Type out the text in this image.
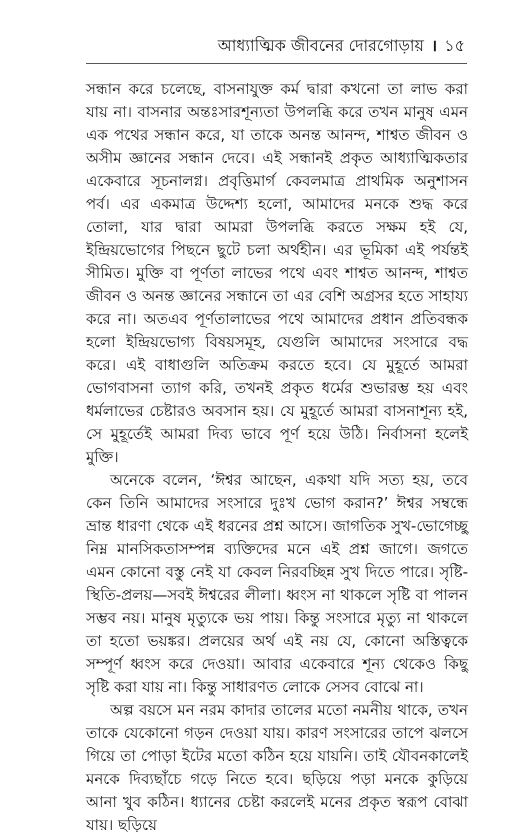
আধ্যাত্মিক জীবনের দোরগোড়ায় । ১৫

সন্ধান করে চলেছে, বাসনাযুক্ত কর্ম দ্বারা কখনো তা লাভ করা যায় না। বাসনার অন্তঃসারশূন্যতা উপলব্ধি করে তখন মানুষ এমন এক পথের সন্ধান করে, যা তাকে অনন্ত আনন্দ, শাশ্বত জীবন ও অসীম জ্ঞানের সন্ধান দেবে। এই সন্ধানই প্রকৃত আধ্যাত্মিকতার একেবারে সূচনালগ্ন। প্রবৃত্তিমার্গ কেবলমাত্র প্রাথমিক অনুশাসন পর্ব। এর একমাত্র উদ্দেশ্য হলো, আমাদের মনকে শুদ্ধ করে তোলা, যার দ্বারা আমরা উপলব্ধি করতে সক্ষম হই যে, ইন্দ্রিয়ভোগের পিছনে ছুটে চলা অর্থহীন। এর ভূমিকা এই পর্যন্তই সীমিত। মুক্তি বা পূর্ণতা লাভের পথে এবং শাশ্বত আনন্দ, শাশ্বত জীবন ও অনন্ত জ্ঞানের সন্ধানে তা এর বেশি অগ্রসর হতে সাহায্য করে না। অতএব পূর্ণতালাভের পথে আমাদের প্রধান প্রতিবন্ধক হলো ইন্দ্রিয়ভোগ্য বিষয়সমূহ, যেগুলি আমাদের সংসারে বদ্ধ করে। এই বাধাগুলি অতিক্রম করতে হবে। যে মুহূর্তে আমরা ভোগবাসনা ত্যাগ করি, তখনই প্রকৃত ধর্মের শুভারম্ভ হয় এবং ধর্মলাভের চেষ্টারও অবসান হয়। যে মুহূর্তে আমরা বাসনাশূন্য হই, সে মুহূর্তেই আমরা দিব্য ভাবে পূর্ণ হয়ে উঠি। নির্বাসনা হলেই মুক্তি।

অনেকে বলেন, ‘ঈশ্বর আছেন, একথা যদি সত্য হয়, তবে কেন তিনি আমাদের সংসারে দুঃখ ভোগ করান?’ ঈশ্বর সম্বন্ধে ভ্রান্ত ধারণা থেকে এই ধরনের প্রশ্ন আসে। জাগতিক সুখ-ভোগেচ্ছু নিম্ন মানসিকতাসম্পন্ন ব্যক্তিদের মনে এই প্রশ্ন জাগে। জগতে এমন কোনো বস্তু নেই যা কেবল নিরবচ্ছিন্ন সুখ দিতে পারে। সৃষ্টি-স্থিতি-প্রলয়—সবই ঈশ্বরের লীলা। ধ্বংস না থাকলে সৃষ্টি বা পালন সম্ভব নয়। মানুষ মৃত্যুকে ভয় পায়। কিন্তু সংসারে মৃত্যু না থাকলে তা হতো ভয়ঙ্কর। প্রলয়ের অর্থ এই নয় যে, কোনো অস্তিত্বকে সম্পূর্ণ ধ্বংস করে দেওয়া। আবার একেবারে শূন্য থেকেও কিছু সৃষ্টি করা যায় না। কিন্তু সাধারণত লোকে সেসব বোঝে না।

অল্প বয়সে মন নরম কাদার তালের মতো নমনীয় থাকে, তখন তাকে যেকোনো গড়ন দেওয়া যায়। কারণ সংসারের তাপে ঝলসে গিয়ে তা পোড়া ইটের মতো কঠিন হয়ে যায়নি। তাই যৌবনকালেই মনকে দিব্যছাঁচে গড়ে নিতে হবে। ছড়িয়ে পড়া মনকে কুড়িয়ে আনা খুব কঠিন। ধ্যানের চেষ্টা করলেই মনের প্রকৃত স্বরূপ বোঝা যায়। ছড়িয়ে
